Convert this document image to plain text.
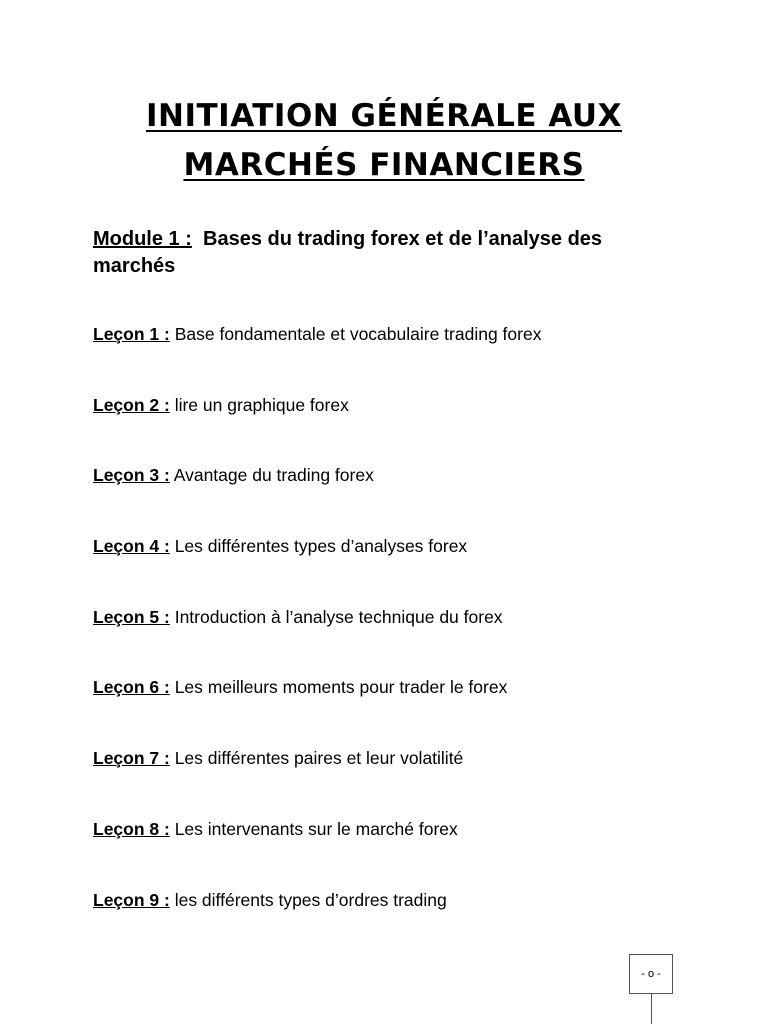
INITIATION GÉNÉRALE AUX
MARCHÉS FINANCIERS

Module 1 : Bases du trading forex et de l’analyse des marchés

Leçon 1 : Base fondamentale et vocabulaire trading forex
Leçon 2 : lire un graphique forex
Leçon 3 : Avantage du trading forex
Leçon 4 : Les différentes types d’analyses forex
Leçon 5 : Introduction à l’analyse technique du forex
Leçon 6 : Les meilleurs moments pour trader le forex
Leçon 7 : Les différentes paires et leur volatilité
Leçon 8 : Les intervenants sur le marché forex
Leçon 9 : les différents types d’ordres trading
- o -
